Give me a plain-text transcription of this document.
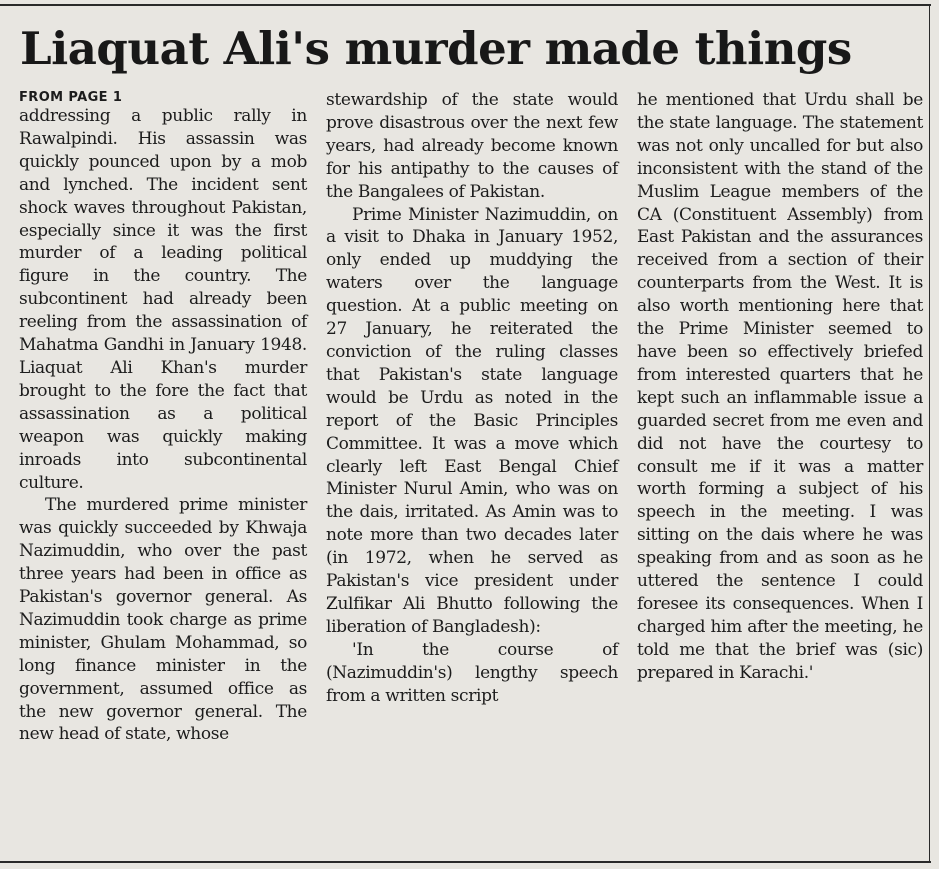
Liaquat Ali's murder made things
FROM PAGE 1

addressing a public rally in Rawalpindi. His assassin was quickly pounced upon by a mob and lynched. The incident sent shock waves throughout Pakistan, especially since it was the first murder of a leading political figure in the country. The subcontinent had already been reeling from the assassination of Mahatma Gandhi in January 1948. Liaquat Ali Khan's murder brought to the fore the fact that assassination as a political weapon was quickly making inroads into subcontinental culture.

The murdered prime minister was quickly succeeded by Khwaja Nazimuddin, who over the past three years had been in office as Pakistan's governor general. As Nazimuddin took charge as prime minister, Ghulam Mohammad, so long finance minister in the government, assumed office as the new governor general. The new head of state, whose

stewardship of the state would prove disastrous over the next few years, had already become known for his antipathy to the causes of the Bangalees of Pakistan.

Prime Minister Nazimuddin, on a visit to Dhaka in January 1952, only ended up muddying the waters over the language question. At a public meeting on 27 January, he reiterated the conviction of the ruling classes that Pakistan's state language would be Urdu as noted in the report of the Basic Principles Committee. It was a move which clearly left East Bengal Chief Minister Nurul Amin, who was on the dais, irritated. As Amin was to note more than two decades later (in 1972, when he served as Pakistan's vice president under Zulfikar Ali Bhutto following the liberation of Bangladesh):

'In the course of (Nazimuddin's) lengthy speech from a written script

he mentioned that Urdu shall be the state language. The statement was not only uncalled for but also inconsistent with the stand of the Muslim League members of the CA (Constituent Assembly) from East Pakistan and the assurances received from a section of their counterparts from the West. It is also worth mentioning here that the Prime Minister seemed to have been so effectively briefed from interested quarters that he kept such an inflammable issue a guarded secret from me even and did not have the courtesy to consult me if it was a matter worth forming a subject of his speech in the meeting. I was sitting on the dais where he was speaking from and as soon as he uttered the sentence I could foresee its consequences. When I charged him after the meeting, he told me that the brief was (sic) prepared in Karachi.'
